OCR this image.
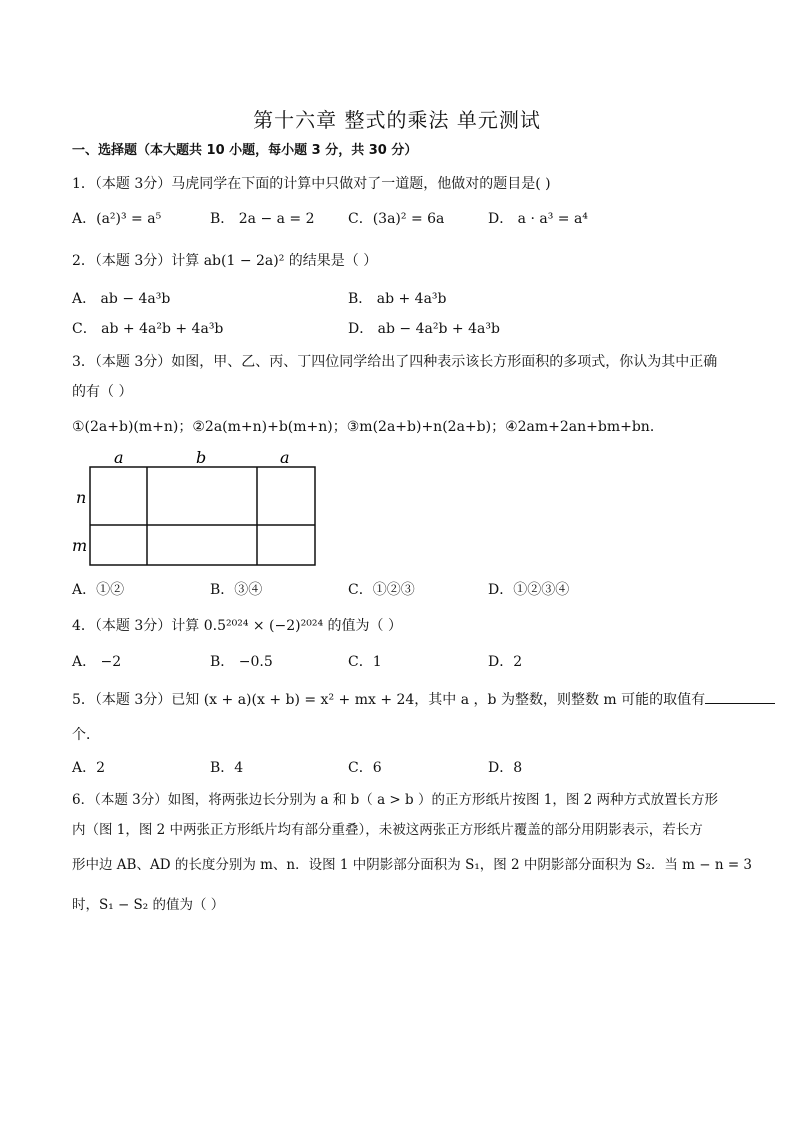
第十六章 整式的乘法 单元测试
一、选择题（本大题共 10 小题，每小题 3 分，共 30 分）
1．（本题 3分）马虎同学在下面的计算中只做对了一道题，他做对的题目是( )
A．(a²)³ = a⁵	B． 2a − a = 2 C．(3a)² = 6a	D． a · a³ = a⁴
2．（本题 3分）计算 ab(1 − 2a)² 的结果是（ ）
A． ab − 4a³b	B． ab + 4a³b
C． ab + 4a²b + 4a³b	D． ab − 4a²b + 4a³b
3．（本题 3分）如图，甲、乙、丙、丁四位同学给出了四种表示该长方形面积的多项式，你认为其中正确
的有（ ）
①(2a+b)(m+n)；②2a(m+n)+b(m+n)；③m(2a+b)+n(2a+b)；④2am+2an+bm+bn．
a	b	a
n
m
A．①②	B．③④	C．①②③	D．①②③④
4．（本题 3分）计算 0.5²⁰²⁴ × (−2)²⁰²⁴ 的值为（ ）
A． −2	B． −0.5	C．1	D．2
5．（本题 3分）已知 (x + a)(x + b) = x² + mx + 24，其中 a ，b 为整数，则整数 m 可能的取值有
个．
A．2	B．4	C．6	D．8
6．（本题 3分）如图，将两张边长分别为 a 和 b（ a > b ）的正方形纸片按图 1，图 2 两种方式放置长方形
内（图 1，图 2 中两张正方形纸片均有部分重叠），未被这两张正方形纸片覆盖的部分用阴影表示，若长方
形中边 AB、AD 的长度分别为 m、n．设图 1 中阴影部分面积为 S₁，图 2 中阴影部分面积为 S₂．当 m − n = 3
时，S₁ − S₂ 的值为（ ）
